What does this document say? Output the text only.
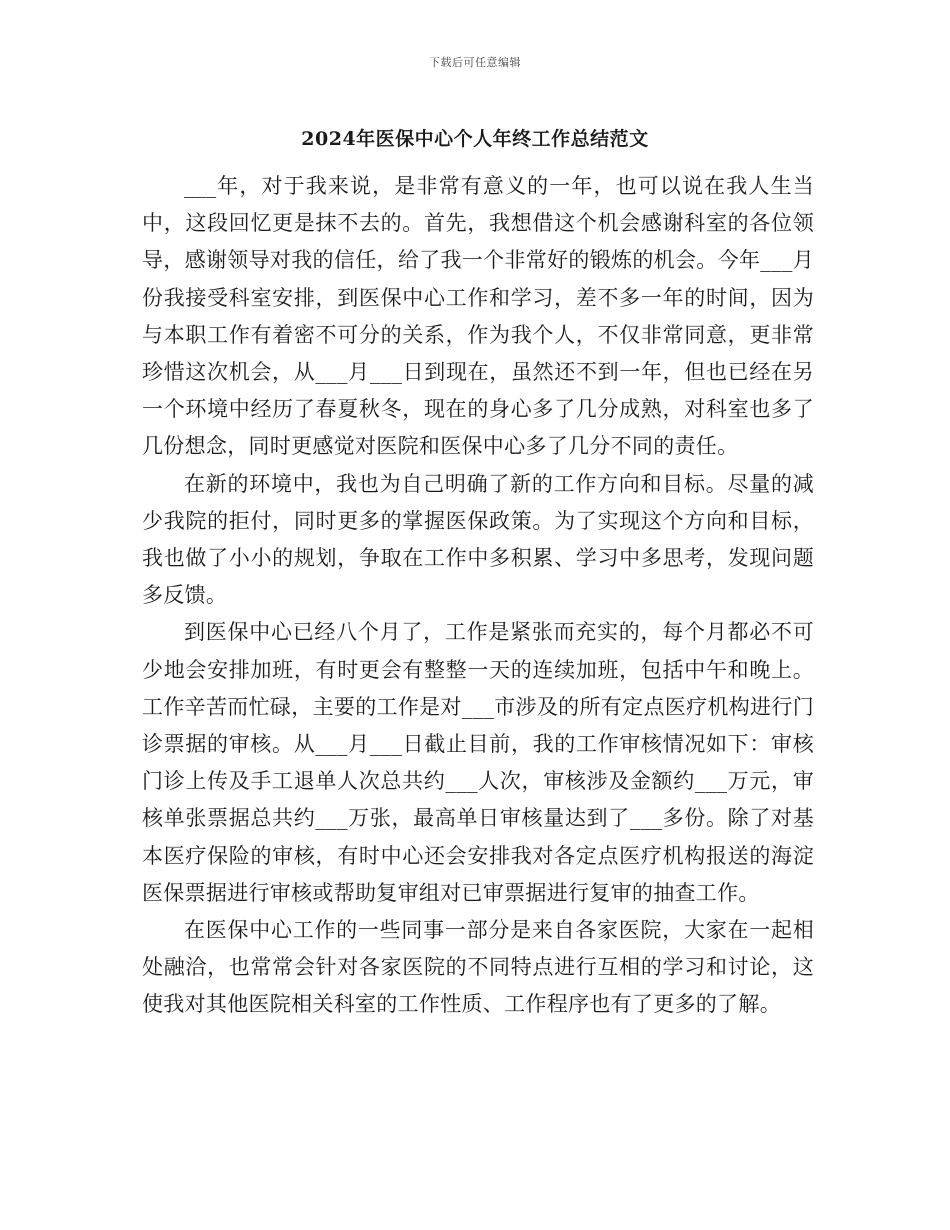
下载后可任意编辑
2024年医保中心个人年终工作总结范文

___年，对于我来说，是非常有意义的一年，也可以说在我人生当中，这段回忆更是抹不去的。首先，我想借这个机会感谢科室的各位领导，感谢领导对我的信任，给了我一个非常好的锻炼的机会。今年___月份我接受科室安排，到医保中心工作和学习，差不多一年的时间，因为与本职工作有着密不可分的关系，作为我个人，不仅非常同意，更非常珍惜这次机会，从___月___日到现在，虽然还不到一年，但也已经在另一个环境中经历了春夏秋冬，现在的身心多了几分成熟，对科室也多了几份想念，同时更感觉对医院和医保中心多了几分不同的责任。

在新的环境中，我也为自己明确了新的工作方向和目标。尽量的减少我院的拒付，同时更多的掌握医保政策。为了实现这个方向和目标，我也做了小小的规划，争取在工作中多积累、学习中多思考，发现问题多反馈。

到医保中心已经八个月了，工作是紧张而充实的，每个月都必不可少地会安排加班，有时更会有整整一天的连续加班，包括中午和晚上。工作辛苦而忙碌，主要的工作是对___市涉及的所有定点医疗机构进行门诊票据的审核。从___月___日截止目前，我的工作审核情况如下：审核门诊上传及手工退单人次总共约___人次，审核涉及金额约___万元，审核单张票据总共约___万张，最高单日审核量达到了___多份。除了对基本医疗保险的审核，有时中心还会安排我对各定点医疗机构报送的海淀医保票据进行审核或帮助复审组对已审票据进行复审的抽查工作。

在医保中心工作的一些同事一部分是来自各家医院，大家在一起相处融洽，也常常会针对各家医院的不同特点进行互相的学习和讨论，这使我对其他医院相关科室的工作性质、工作程序也有了更多的了解。
